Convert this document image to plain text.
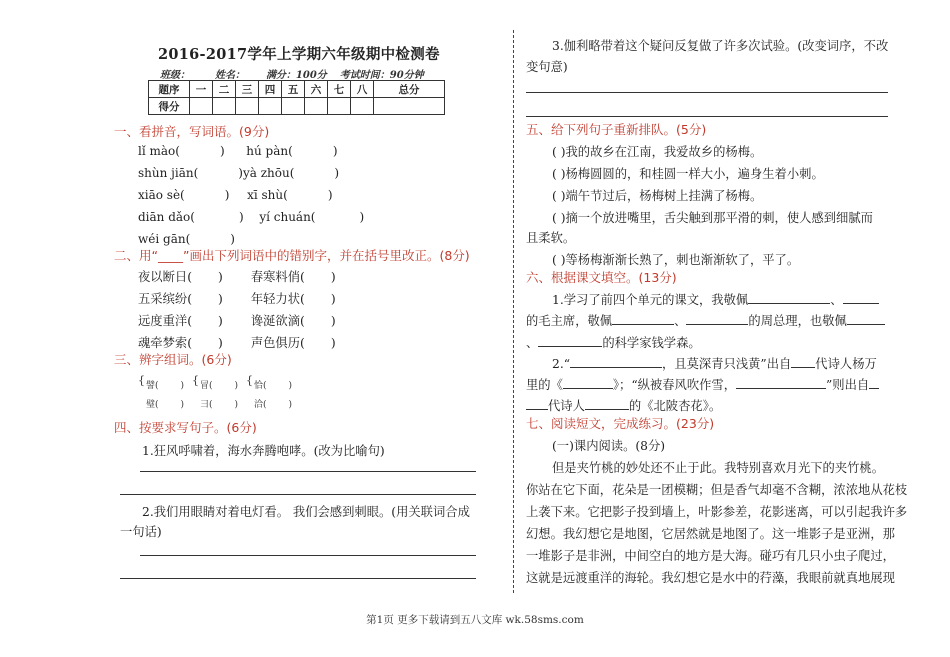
2016-2017学年上学期六年级期中检测卷
班级： 姓名： 满分：100分 考试时间：90分钟
题序	一	二	三	四	五	六	七	八	总分
得分									
一、看拼音，写词语。(9分)
lǐ mào(	) hú pàn(	)
shùn jiān(	)yà zhōu(	)
xiāo sè(	) xī shù(	)
diān dǎo(	) yí chuán(	)
wéi gān(	)
二、用“____”画出下列词语中的错别字，并在括号里改正。(8分)
夜以断日( ) 春寒料俏( )
五采缤纷( ) 年轻力状( )
远度重洋( ) 谗涎欲滴( )
魂牵梦索( ) 声色俱历( )
三、辨字组词。(6分)
{ 譬( )
璧( )
{ 冒( )
彐( )
{ 恰( )
洽( )
四、按要求写句子。(6分)
1.狂风呼啸着，海水奔腾咆哮。(改为比喻句)
2.我们用眼睛对着电灯看。 我们会感到刺眼。(用关联词合成
一句话)
3.伽利略带着这个疑问反复做了许多次试验。(改变词序，不改
变句意)
五、给下列句子重新排队。(5分)
( )我的故乡在江南，我爱故乡的杨梅。
( )杨梅圆圆的，和桂圆一样大小，遍身生着小刺。
( )端午节过后，杨梅树上挂满了杨梅。
( )摘一个放进嘴里，舌尖触到那平滑的刺，使人感到细腻而
且柔软。
( )等杨梅渐渐长熟了，刺也渐渐软了，平了。
六、根据课文填空。(13分)
1.学习了前四个单元的课文，我敬佩	、
的毛主席，敬佩	、	的周总理，也敬佩
、	的科学家钱学森。
2.“	，且莫深青只浅黄”出自 代诗人杨万
里的《	》；“纵被春风吹作雪，	”则出自
代诗人	的《北陂杏花》。
七、阅读短文，完成练习。(23分)
(一)课内阅读。(8分)
但是夹竹桃的妙处还不止于此。我特别喜欢月光下的夹竹桃。
你站在它下面，花朵是一团模糊；但是香气却毫不含糊，浓浓地从花枝
上袭下来。它把影子投到墙上，叶影参差，花影迷离，可以引起我许多
幻想。我幻想它是地图，它居然就是地图了。这一堆影子是亚洲，那
一堆影子是非洲，中间空白的地方是大海。碰巧有几只小虫子爬过，
这就是远渡重洋的海轮。我幻想它是水中的荇藻，我眼前就真地展现
第1页 更多下载请到五八文库 wk.58sms.com
